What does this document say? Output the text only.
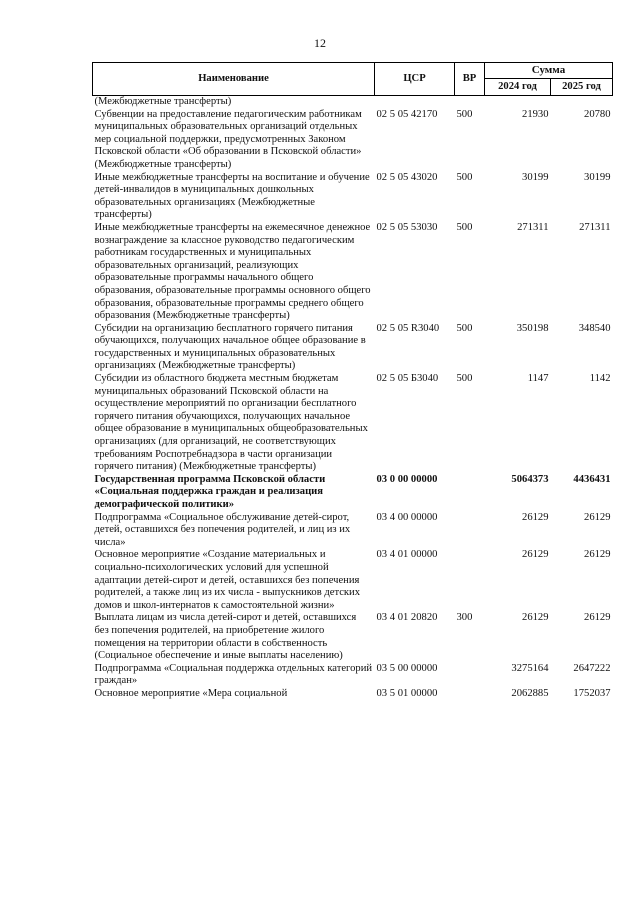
12
Наименование	ЦСР	ВР	Сумма	
			2024 год	2025 год
(Межбюджетные трансферты)				
Субвенции на предоставление педагогическим работникам муниципальных образовательных организаций отдельных мер социальной поддержки, предусмотренных Законом Псковской области «Об образовании в Псковской области» (Межбюджетные трансферты)	02 5 05 42170	500	21930	20780
Иные межбюджетные трансферты на воспитание и обучение детей-инвалидов в муниципальных дошкольных образовательных организациях (Межбюджетные трансферты)	02 5 05 43020	500	30199	30199
Иные межбюджетные трансферты на ежемесячное денежное вознаграждение за классное руководство педагогическим работникам государственных и муниципальных образовательных организаций, реализующих образовательные программы начального общего образования, образовательные программы основного общего образования, образовательные программы среднего общего образования (Межбюджетные трансферты)	02 5 05 53030	500	271311	271311
Субсидии на организацию бесплатного горячего питания обучающихся, получающих начальное общее образование в государственных и муниципальных образовательных организациях (Межбюджетные трансферты)	02 5 05 R3040	500	350198	348540
Субсидии из областного бюджета местным бюджетам муниципальных образований Псковской области на осуществление мероприятий по организации бесплатного горячего питания обучающихся, получающих начальное общее образование в муниципальных общеобразовательных организациях (для организаций, не соответствующих требованиям Роспотребнадзора в части организации горячего питания) (Межбюджетные трансферты)	02 5 05 Б3040	500	1147	1142
Государственная программа Псковской области «Социальная поддержка граждан и реализация демографической политики»	03 0 00 00000		5064373	4436431
Подпрограмма «Социальное обслуживание детей-сирот, детей, оставшихся без попечения родителей, и лиц из их числа»	03 4 00 00000		26129	26129
Основное мероприятие «Создание материальных и социально-психологических условий для успешной адаптации детей-сирот и детей, оставшихся без попечения родителей, а также лиц из их числа - выпускников детских домов и школ-интернатов к самостоятельной жизни»	03 4 01 00000		26129	26129
Выплата лицам из числа детей-сирот и детей, оставшихся без попечения родителей, на приобретение жилого помещения на территории области в собственность (Социальное обеспечение и иные выплаты населению)	03 4 01 20820	300	26129	26129
Подпрограмма «Социальная поддержка отдельных категорий граждан»	03 5 00 00000		3275164	2647222
Основное мероприятие «Мера социальной	03 5 01 00000		2062885	1752037
